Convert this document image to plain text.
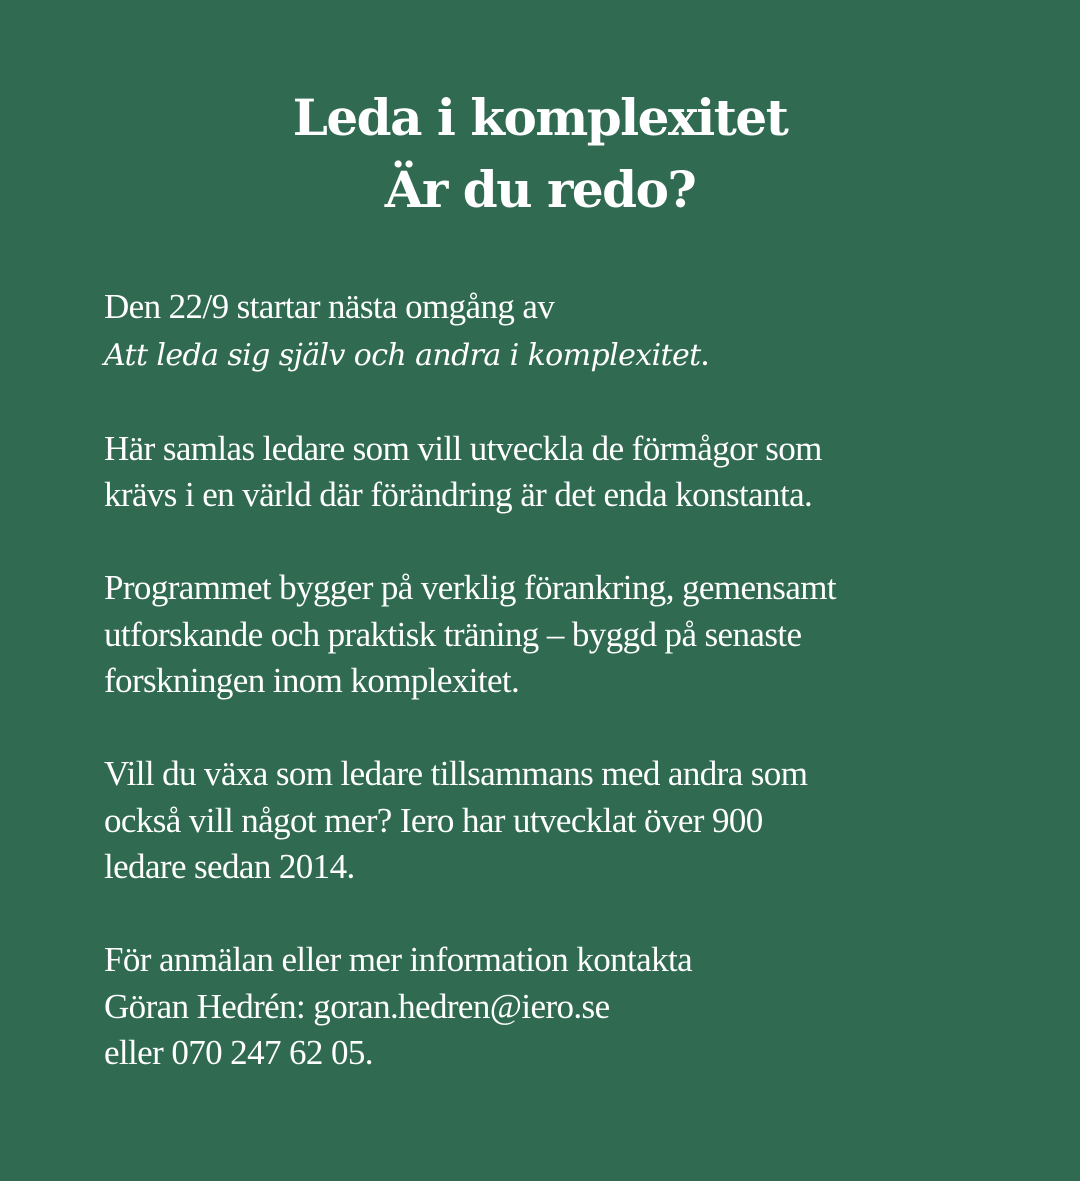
Leda i komplexitet
Är du redo?

Den 22/9 startar nästa omgång av
Att leda sig själv och andra i komplexitet.

Här samlas ledare som vill utveckla de förmågor som
krävs i en värld där förändring är det enda konstanta.

Programmet bygger på verklig förankring, gemensamt
utforskande och praktisk träning – byggd på senaste
forskningen inom komplexitet.

Vill du växa som ledare tillsammans med andra som
också vill något mer? Iero har utvecklat över 900
ledare sedan 2014.

För anmälan eller mer information kontakta
Göran Hedrén: goran.hedren@iero.se
eller 070 247 62 05.
